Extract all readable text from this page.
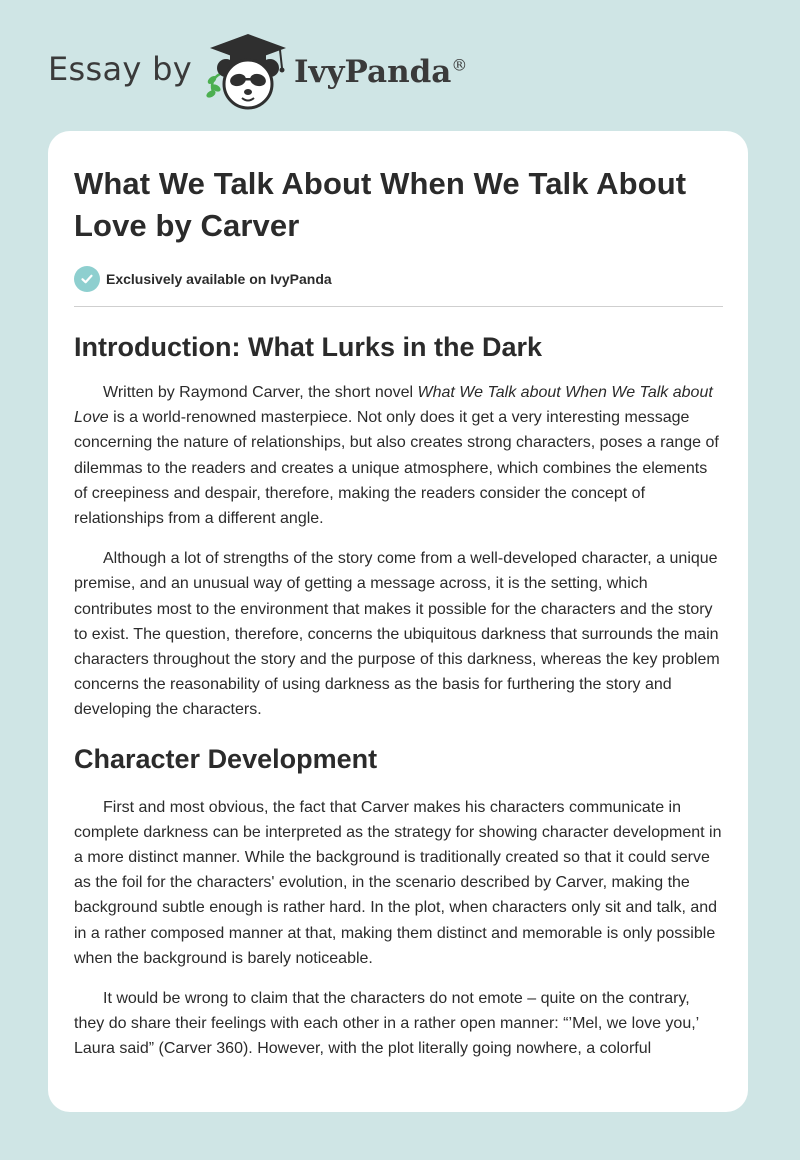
Essay by	IvyPanda®
What We Talk About When We Talk About Love by Carver
Exclusively available on IvyPanda
Introduction: What Lurks in the Dark

Written by Raymond Carver, the short novel What We Talk about When We Talk about Love is a world-renowned masterpiece. Not only does it get a very interesting message concerning the nature of relationships, but also creates strong characters, poses a range of dilemmas to the readers and creates a unique atmosphere, which combines the elements of creepiness and despair, therefore, making the readers consider the concept of relationships from a different angle.

Although a lot of strengths of the story come from a well-developed character, a unique premise, and an unusual way of getting a message across, it is the setting, which contributes most to the environment that makes it possible for the characters and the story to exist. The question, therefore, concerns the ubiquitous darkness that surrounds the main characters throughout the story and the purpose of this darkness, whereas the key problem concerns the reasonability of using darkness as the basis for furthering the story and developing the characters.

Character Development

First and most obvious, the fact that Carver makes his characters communicate in complete darkness can be interpreted as the strategy for showing character development in a more distinct manner. While the background is traditionally created so that it could serve as the foil for the characters' evolution, in the scenario described by Carver, making the background subtle enough is rather hard. In the plot, when characters only sit and talk, and in a rather composed manner at that, making them distinct and memorable is only possible when the background is barely noticeable.

It would be wrong to claim that the characters do not emote – quite on the contrary, they do share their feelings with each other in a rather open manner: “’Mel, we love you,’ Laura said” (Carver 360). However, with the plot literally going nowhere, a colorful
